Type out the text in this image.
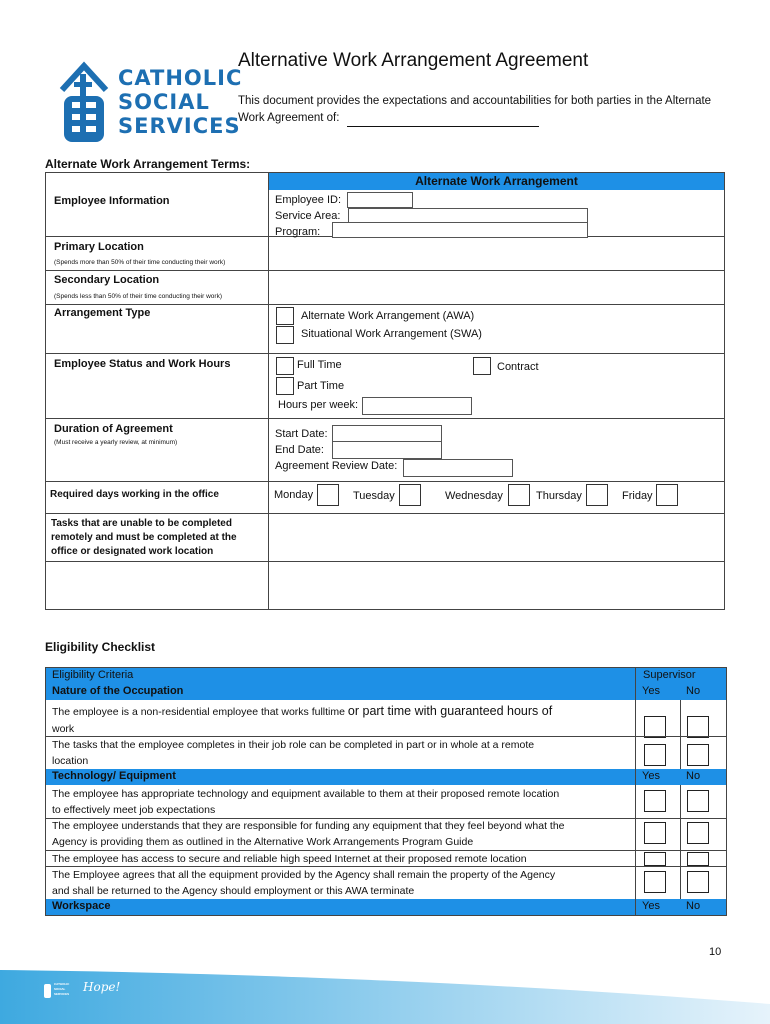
CATHOLIC
SOCIAL
SERVICES
Alternative Work Arrangement Agreement
This document provides the expectations and accountabilities for both parties in the Alternate
Work Agreement of:
Alternate Work Arrangement Terms:
Alternate Work Arrangement
Employee Information	Employee ID:
Service Area:
Program:
Primary Location
(Spends more than 50% of their time conducting their work)
Secondary Location
(Spends less than 50% of their time conducting their work)
Arrangement Type	Alternate Work Arrangement (AWA)
Situational Work Arrangement (SWA)
Employee Status and Work Hours	Full Time	Contract
Part Time
Hours per week:
Duration of Agreement
(Must receive a yearly review, at minimum)
Start Date:
End Date:
Agreement Review Date:
Required days working in the office	Monday	Tuesday	Wednesday	Thursday	Friday
Tasks that are unable to be completed
remotely and must be completed at the
office or designated work location
Eligibility Checklist
Eligibility Criteria	Supervisor
Nature of the Occupation	Yes No
The employee is a non-residential employee that works fulltime or part time with guaranteed hours of
work
The tasks that the employee completes in their job role can be completed in part or in whole at a remote
location
Technology/ Equipment	Yes No
The employee has appropriate technology and equipment available to them at their proposed remote location
to effectively meet job expectations
The employee understands that they are responsible for funding any equipment that they feel beyond what the
Agency is providing them as outlined in the Alternative Work Arrangements Program Guide
The employee has access to secure and reliable high speed Internet at their proposed remote location
The Employee agrees that all the equipment provided by the Agency shall remain the property of the Agency
and shall be returned to the Agency should employment or this AWA terminate
Workspace	Yes No
10
CATHOLIC SOCIAL SERVICES	Hope!
